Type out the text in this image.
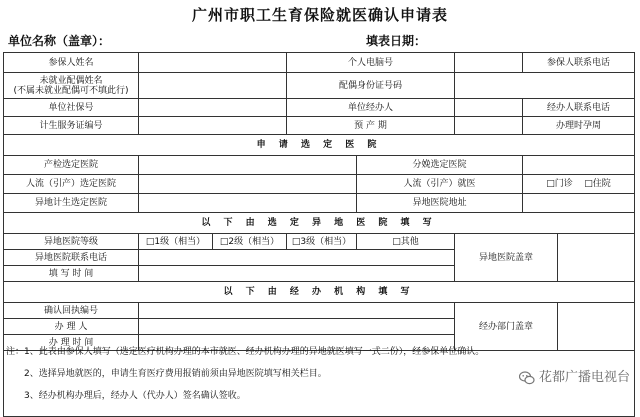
广州市职工生育保险就医确认申请表
单位名称（盖章）：	填表日期：
参保人姓名			个人电脑号			参保人联系电话	

未就业配偶姓名
(不属未就业配偶可不填此行)			配偶身份证号码				
单位社保号			单位经办人			经办人联系电话	
计生服务证编号			预 产 期			办理时孕周	
申 请 选 定 医 院							
产检选定医院				分娩选定医院			
人流（引产）选定医院				人流（引产）就医		□门诊 □住院	
异地计生选定医院				异地医院地址			
以 下 由 选 定 异 地 医 院 填 写							
异地医院等级	□1级（相当）	□2级（相当）	□3级（相当）	□其他	异地医院盖章		
异地医院联系电话							
填 写 时 间							
以 下 由 经 办 机 构 填 写							
确认回执编号					经办部门盖章		
办 理 人							
办 理 时 间							

注：1、此表由参保人填写（选定医疗机构办理的本市就医、经办机构办理的异地就医填写一式二份），经参保单位确认。
2、选择异地就医的，申请生育医疗费用报销前须由异地医院填写相关栏目。
3、经办机构办理后，经办人（代办人）签名确认签收。
花都广播电视台
